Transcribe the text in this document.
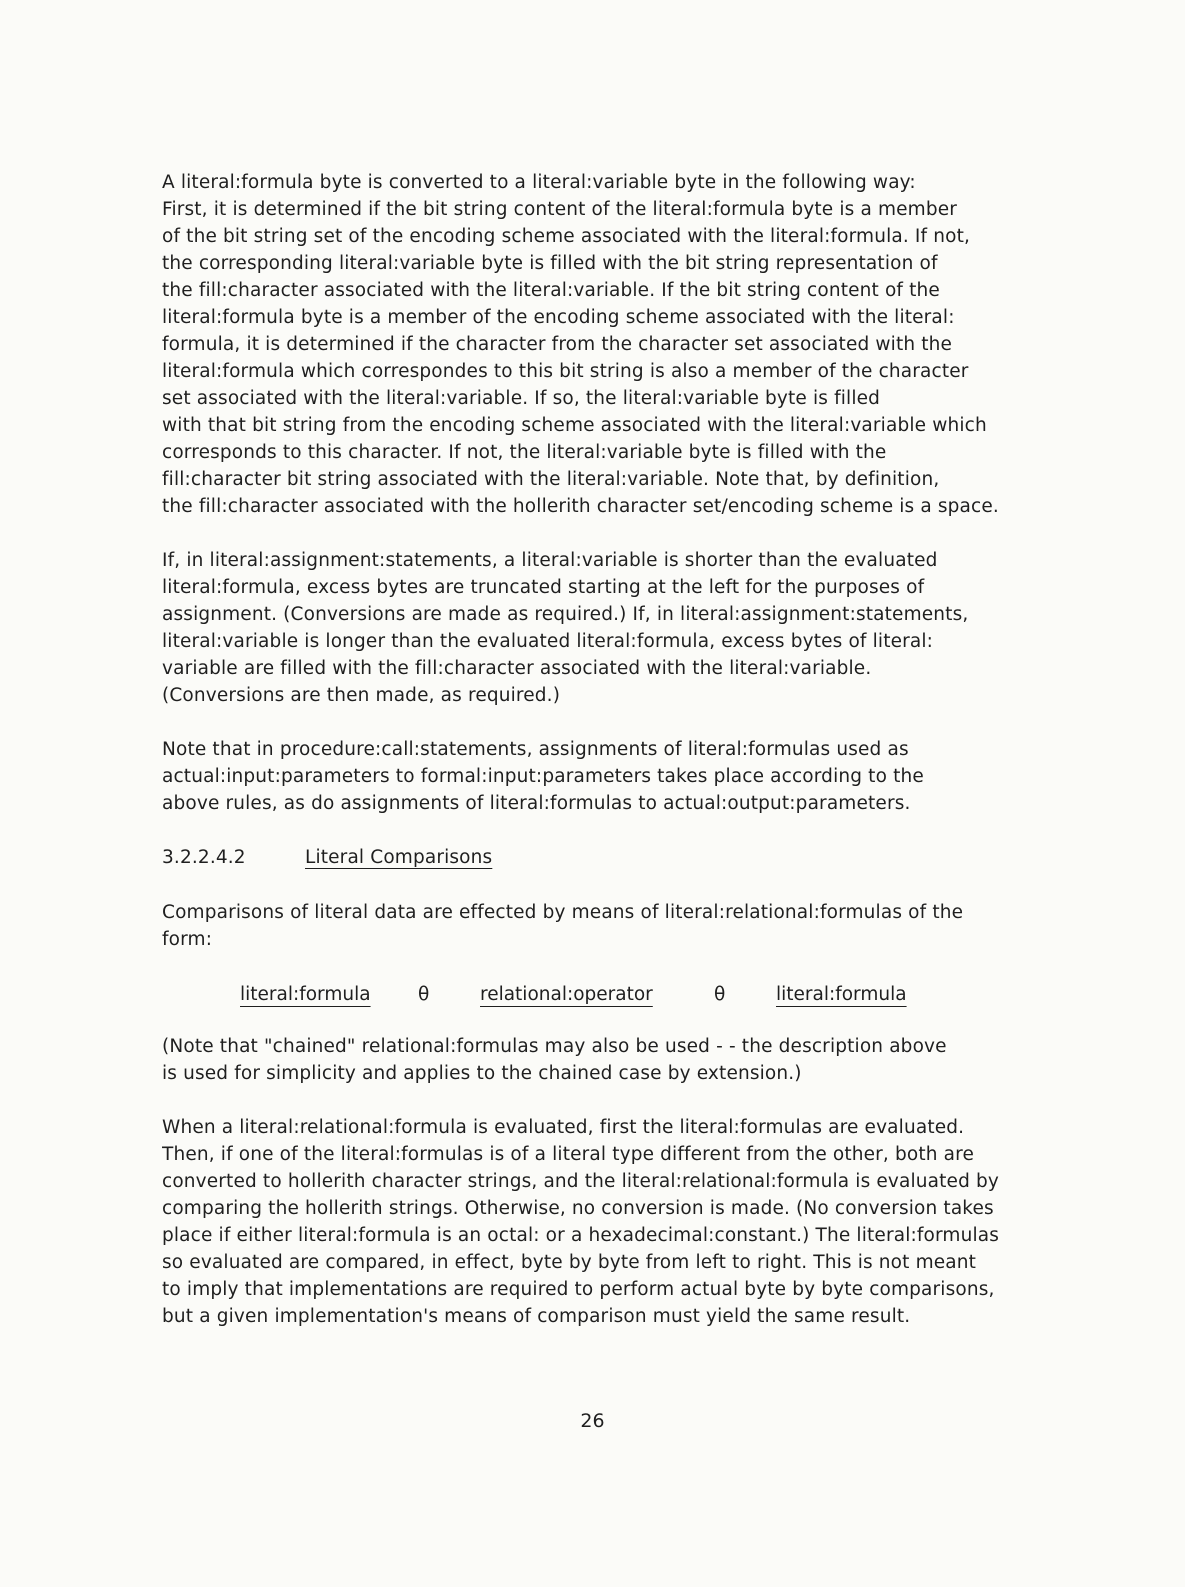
A literal:formula byte is converted to a literal:variable byte in the following way:
First, it is determined if the bit string content of the literal:formula byte is a member
of the bit string set of the encoding scheme associated with the literal:formula. If not,
the corresponding literal:variable byte is filled with the bit string representation of
the fill:character associated with the literal:variable. If the bit string content of the
literal:formula byte is a member of the encoding scheme associated with the literal:
formula, it is determined if the character from the character set associated with the
literal:formula which correspondes to this bit string is also a member of the character
set associated with the literal:variable. If so, the literal:variable byte is filled
with that bit string from the encoding scheme associated with the literal:variable which
corresponds to this character. If not, the literal:variable byte is filled with the
fill:character bit string associated with the literal:variable. Note that, by definition,
the fill:character associated with the hollerith character set/encoding scheme is a space.
If, in literal:assignment:statements, a literal:variable is shorter than the evaluated
literal:formula, excess bytes are truncated starting at the left for the purposes of
assignment. (Conversions are made as required.) If, in literal:assignment:statements,
literal:variable is longer than the evaluated literal:formula, excess bytes of literal:
variable are filled with the fill:character associated with the literal:variable.
(Conversions are then made, as required.)
Note that in procedure:call:statements, assignments of literal:formulas used as
actual:input:parameters to formal:input:parameters takes place according to the
above rules, as do assignments of literal:formulas to actual:output:parameters.
3.2.2.4.2	Literal Comparisons
Comparisons of literal data are effected by means of literal:relational:formulas of the
form:
literal:formula	θ	relational:operator	θ	literal:formula
(Note that "chained" relational:formulas may also be used - - the description above
is used for simplicity and applies to the chained case by extension.)
When a literal:relational:formula is evaluated, first the literal:formulas are evaluated.
Then, if one of the literal:formulas is of a literal type different from the other, both are
converted to hollerith character strings, and the literal:relational:formula is evaluated by
comparing the hollerith strings. Otherwise, no conversion is made. (No conversion takes
place if either literal:formula is an octal: or a hexadecimal:constant.) The literal:formulas
so evaluated are compared, in effect, byte by byte from left to right. This is not meant
to imply that implementations are required to perform actual byte by byte comparisons,
but a given implementation's means of comparison must yield the same result.

26
